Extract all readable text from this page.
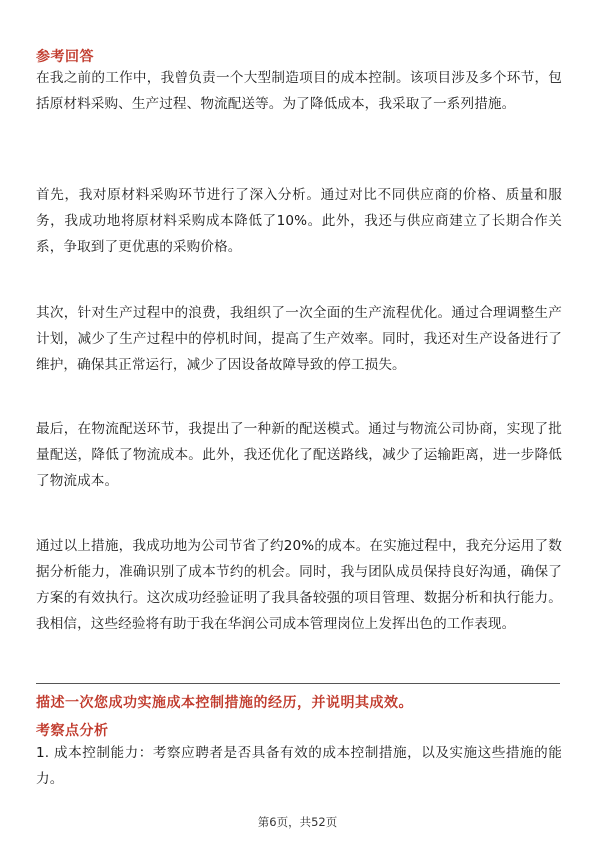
参考回答
在我之前的工作中，我曾负责一个大型制造项目的成本控制。该项目涉及多个环节，包括原材料采购、生产过程、物流配送等。为了降低成本，我采取了一系列措施。
首先，我对原材料采购环节进行了深入分析。通过对比不同供应商的价格、质量和服务，我成功地将原材料采购成本降低了10%。此外，我还与供应商建立了长期合作关系，争取到了更优惠的采购价格。
其次，针对生产过程中的浪费，我组织了一次全面的生产流程优化。通过合理调整生产计划，减少了生产过程中的停机时间，提高了生产效率。同时，我还对生产设备进行了维护，确保其正常运行，减少了因设备故障导致的停工损失。
最后，在物流配送环节，我提出了一种新的配送模式。通过与物流公司协商，实现了批量配送，降低了物流成本。此外，我还优化了配送路线，减少了运输距离，进一步降低了物流成本。
通过以上措施，我成功地为公司节省了约20%的成本。在实施过程中，我充分运用了数据分析能力，准确识别了成本节约的机会。同时，我与团队成员保持良好沟通，确保了方案的有效执行。这次成功经验证明了我具备较强的项目管理、数据分析和执行能力。我相信，这些经验将有助于我在华润公司成本管理岗位上发挥出色的工作表现。
描述一次您成功实施成本控制措施的经历，并说明其成效。
考察点分析
1. 成本控制能力：考察应聘者是否具备有效的成本控制措施，以及实施这些措施的能力。
第6页，共52页
